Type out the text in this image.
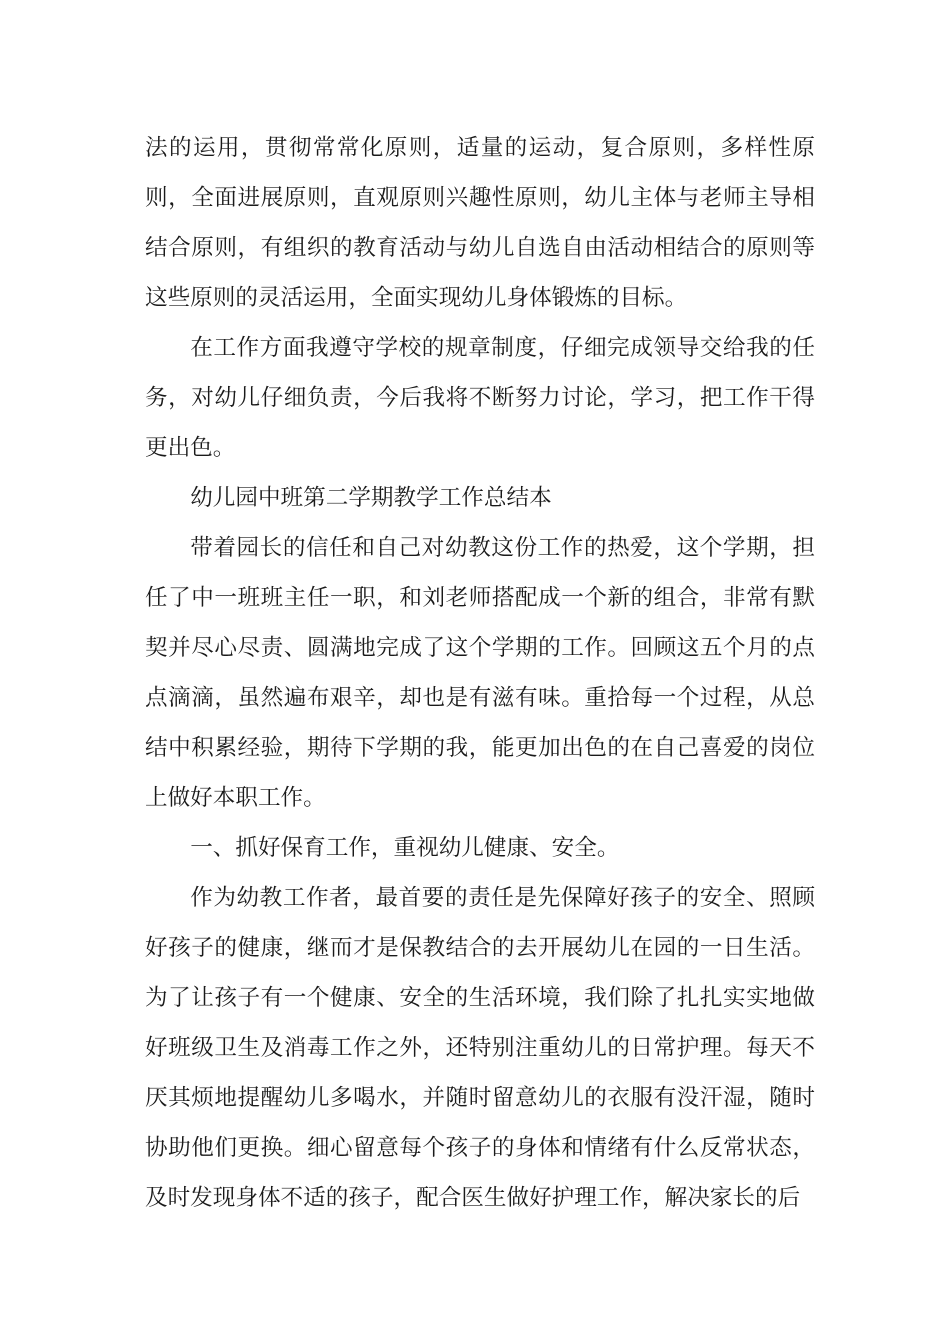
法的运用，贯彻常常化原则，适量的运动，复合原则，多样性原则，全面进展原则，直观原则兴趣性原则，幼儿主体与老师主导相结合原则，有组织的教育活动与幼儿自选自由活动相结合的原则等这些原则的灵活运用，全面实现幼儿身体锻炼的目标。

在工作方面我遵守学校的规章制度，仔细完成领导交给我的任务，对幼儿仔细负责，今后我将不断努力讨论，学习，把工作干得更出色。

幼儿园中班第二学期教学工作总结本

带着园长的信任和自己对幼教这份工作的热爱，这个学期，担任了中一班班主任一职，和刘老师搭配成一个新的组合，非常有默契并尽心尽责、圆满地完成了这个学期的工作。回顾这五个月的点点滴滴，虽然遍布艰辛，却也是有滋有味。重拾每一个过程，从总结中积累经验，期待下学期的我，能更加出色的在自己喜爱的岗位上做好本职工作。

一、抓好保育工作，重视幼儿健康、安全。

作为幼教工作者，最首要的责任是先保障好孩子的安全、照顾好孩子的健康，继而才是保教结合的去开展幼儿在园的一日生活。为了让孩子有一个健康、安全的生活环境，我们除了扎扎实实地做好班级卫生及消毒工作之外，还特别注重幼儿的日常护理。每天不厌其烦地提醒幼儿多喝水，并随时留意幼儿的衣服有没汗湿，随时协助他们更换。细心留意每个孩子的身体和情绪有什么反常状态，及时发现身体不适的孩子，配合医生做好护理工作，解决家长的后
